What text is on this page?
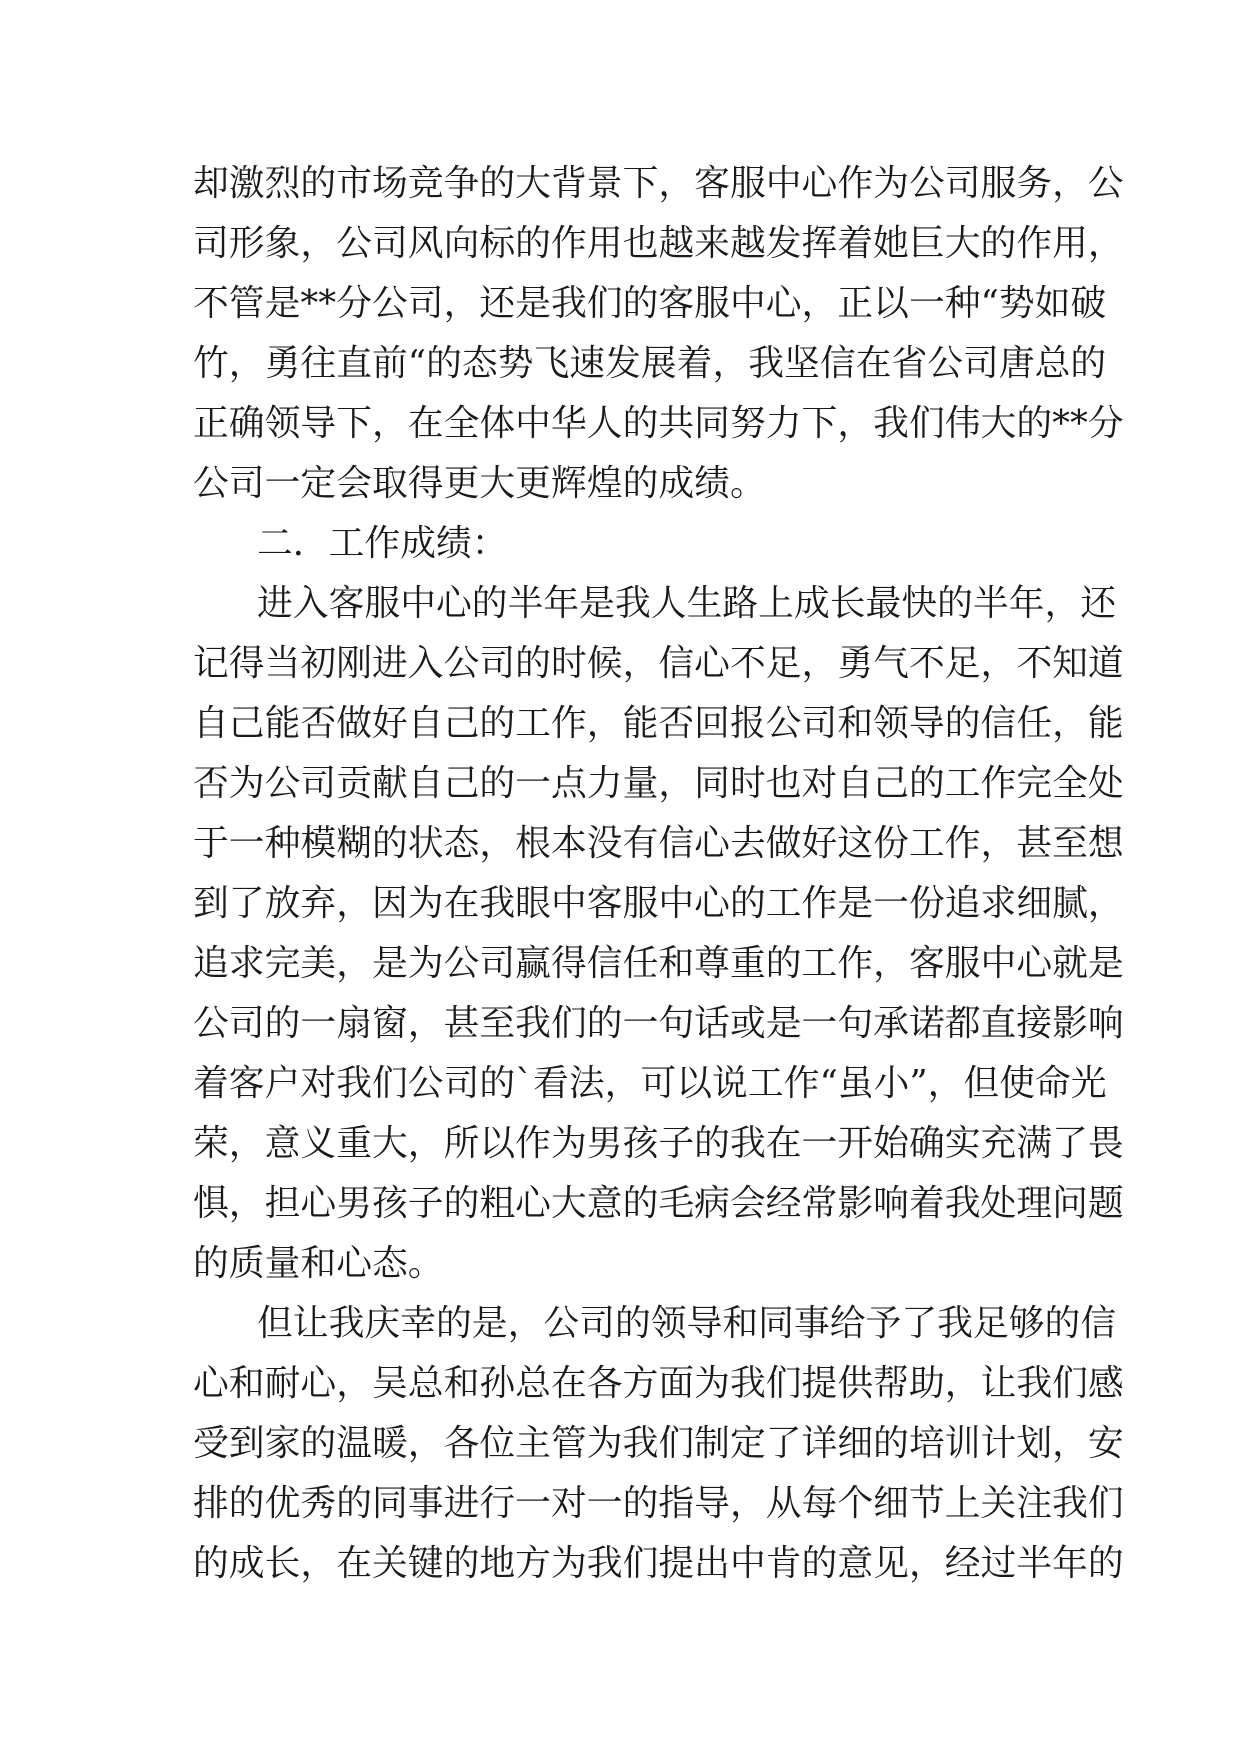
却激烈的市场竞争的大背景下，客服中心作为公司服务，公
司形象，公司风向标的作用也越来越发挥着她巨大的作用，
不管是**分公司，还是我们的客服中心，正以一种“势如破
竹，勇往直前“的态势飞速发展着，我坚信在省公司唐总的
正确领导下，在全体中华人的共同努力下，我们伟大的**分
公司一定会取得更大更辉煌的成绩。
二．工作成绩：
进入客服中心的半年是我人生路上成长最快的半年，还
记得当初刚进入公司的时候，信心不足，勇气不足，不知道
自己能否做好自己的工作，能否回报公司和领导的信任，能
否为公司贡献自己的一点力量，同时也对自己的工作完全处
于一种模糊的状态，根本没有信心去做好这份工作，甚至想
到了放弃，因为在我眼中客服中心的工作是一份追求细腻，
追求完美，是为公司赢得信任和尊重的工作，客服中心就是
公司的一扇窗，甚至我们的一句话或是一句承诺都直接影响
着客户对我们公司的`看法，可以说工作“虽小”，但使命光
荣，意义重大，所以作为男孩子的我在一开始确实充满了畏
惧，担心男孩子的粗心大意的毛病会经常影响着我处理问题
的质量和心态。
但让我庆幸的是，公司的领导和同事给予了我足够的信
心和耐心，吴总和孙总在各方面为我们提供帮助，让我们感
受到家的温暖，各位主管为我们制定了详细的培训计划，安
排的优秀的同事进行一对一的指导，从每个细节上关注我们
的成长，在关键的地方为我们提出中肯的意见，经过半年的
